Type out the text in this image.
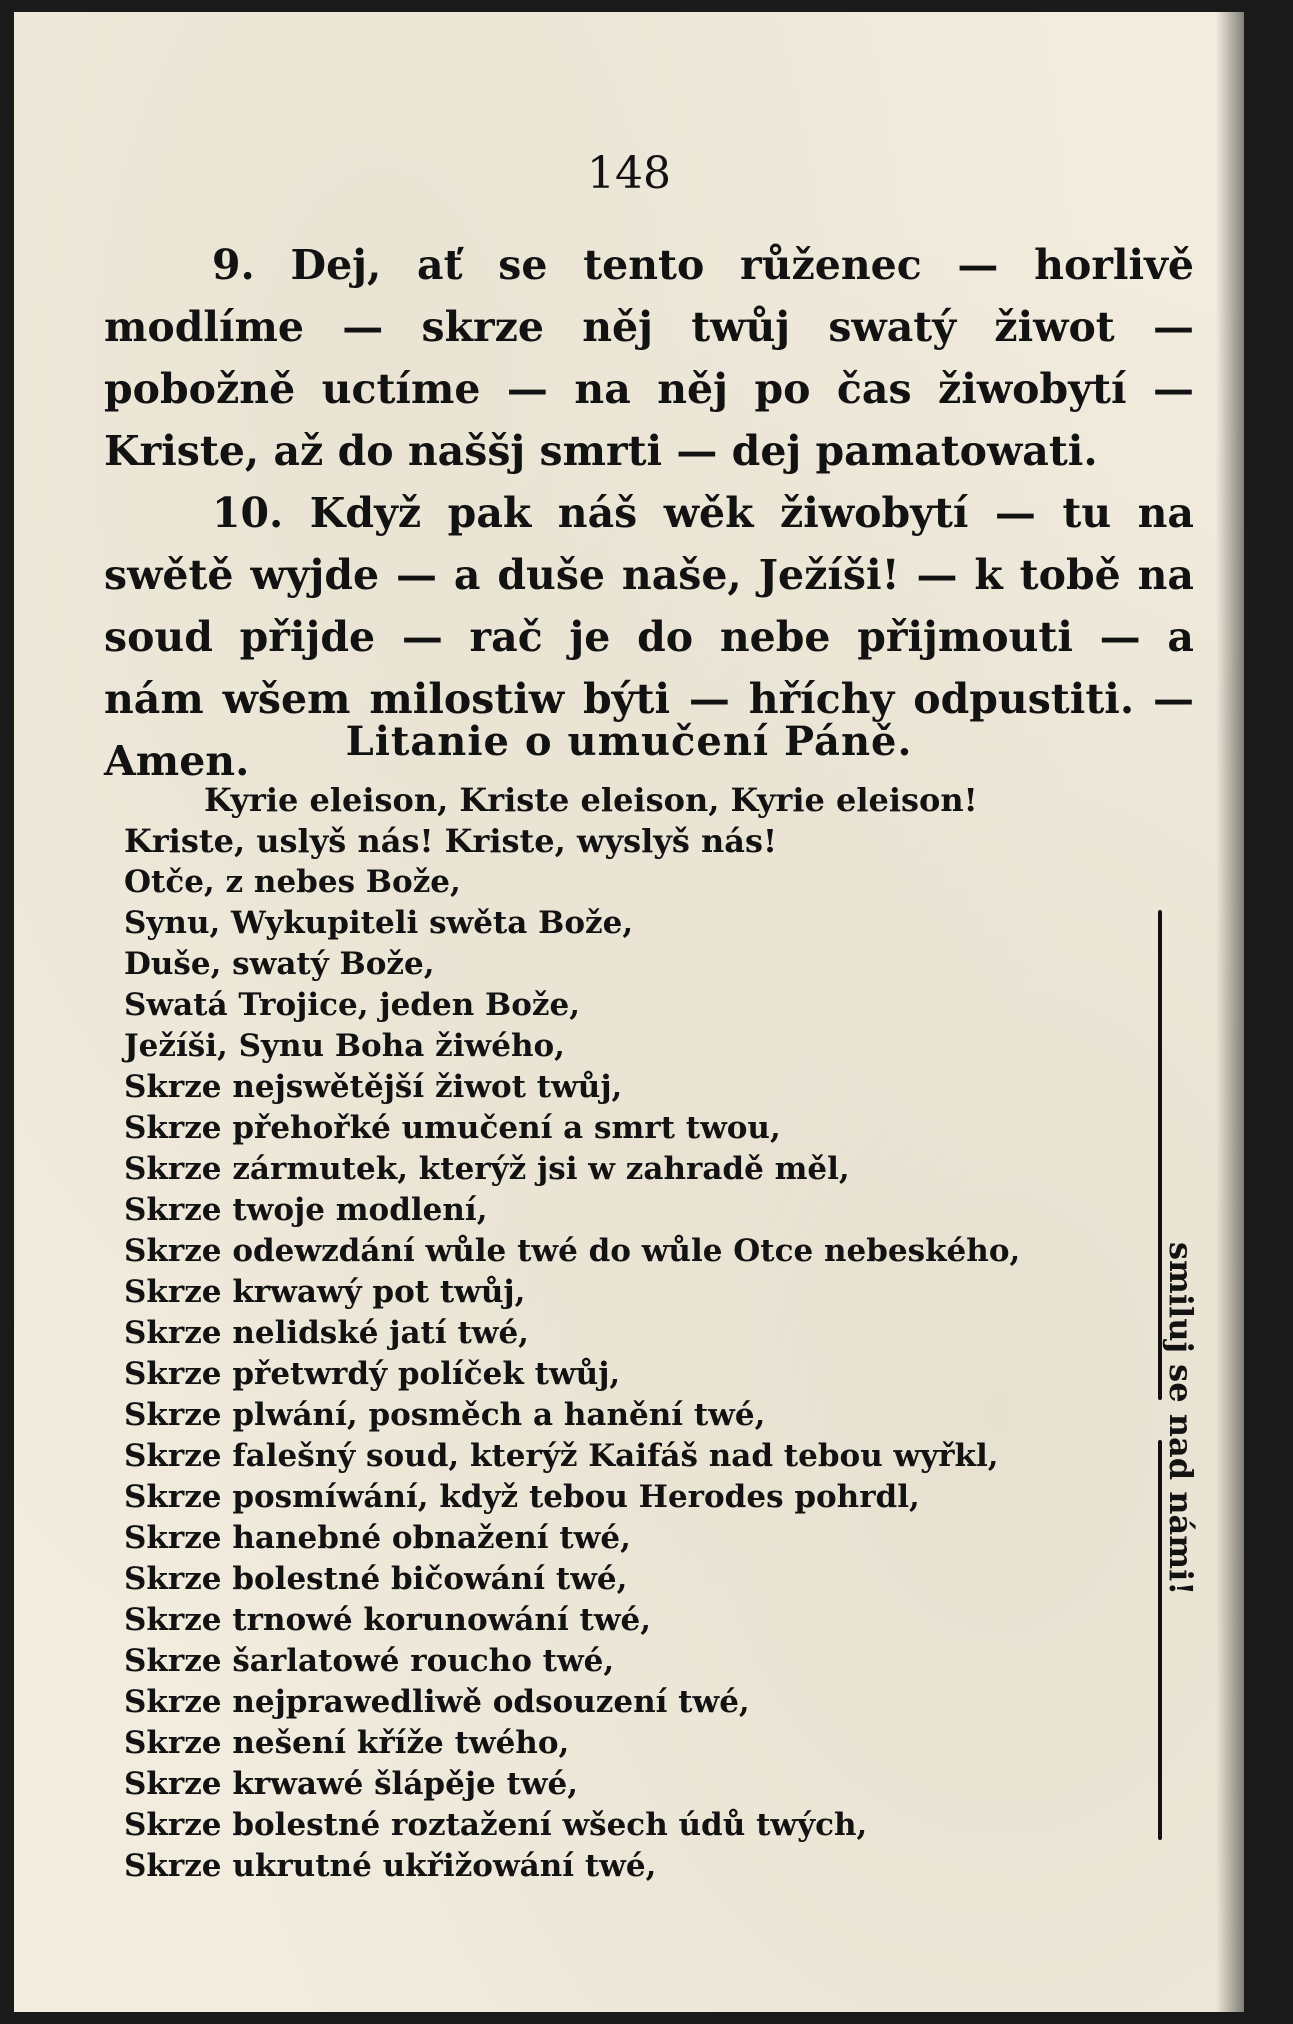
148

9. Dej, ať se tento růženec — horlivě modlíme — skrze něj twůj swatý žiwot — pobožně uctíme — na něj po čas žiwobytí — Kriste, až do naššj smrti — dej pamatowati.

10. Když pak náš wěk žiwobytí — tu na swětě wyjde — a duše naše, Ježíši! — k tobě na soud přijde — rač je do nebe přijmouti — a nám wšem milostiw býti — hříchy odpustiti. — Amen.	Litanie o umučení Páně.
Kyrie eleison, Kriste eleison, Kyrie eleison!
Kriste, uslyš nás! Kriste, wyslyš nás!
Otče, z nebes Bože,
Synu, Wykupiteli swěta Bože,
Duše, swatý Bože,
Swatá Trojice, jeden Bože,
Ježíši, Synu Boha žiwého,
Skrze nejswětější žiwot twůj,
Skrze přehořké umučení a smrt twou,
Skrze zármutek, kterýž jsi w zahradě měl,
Skrze twoje modlení,
Skrze odewzdání wůle twé do wůle Otce nebeského,
Skrze krwawý pot twůj,
Skrze nelidské jatí twé,
Skrze přetwrdý políček twůj,
Skrze plwání, posměch a hanění twé,
Skrze falešný soud, kterýž Kaifáš nad tebou wyřkl,
Skrze posmíwání, když tebou Herodes pohrdl,
Skrze hanebné obnažení twé,
Skrze bolestné bičowání twé,
Skrze trnowé korunowání twé,
Skrze šarlatowé roucho twé,
Skrze nejprawedliwě odsouzení twé,
Skrze nešení kříže twého,
Skrze krwawé šlápěje twé,
Skrze bolestné roztažení wšech údů twých,
Skrze ukrutné ukřižowání twé,
smiluj se nad námi!
